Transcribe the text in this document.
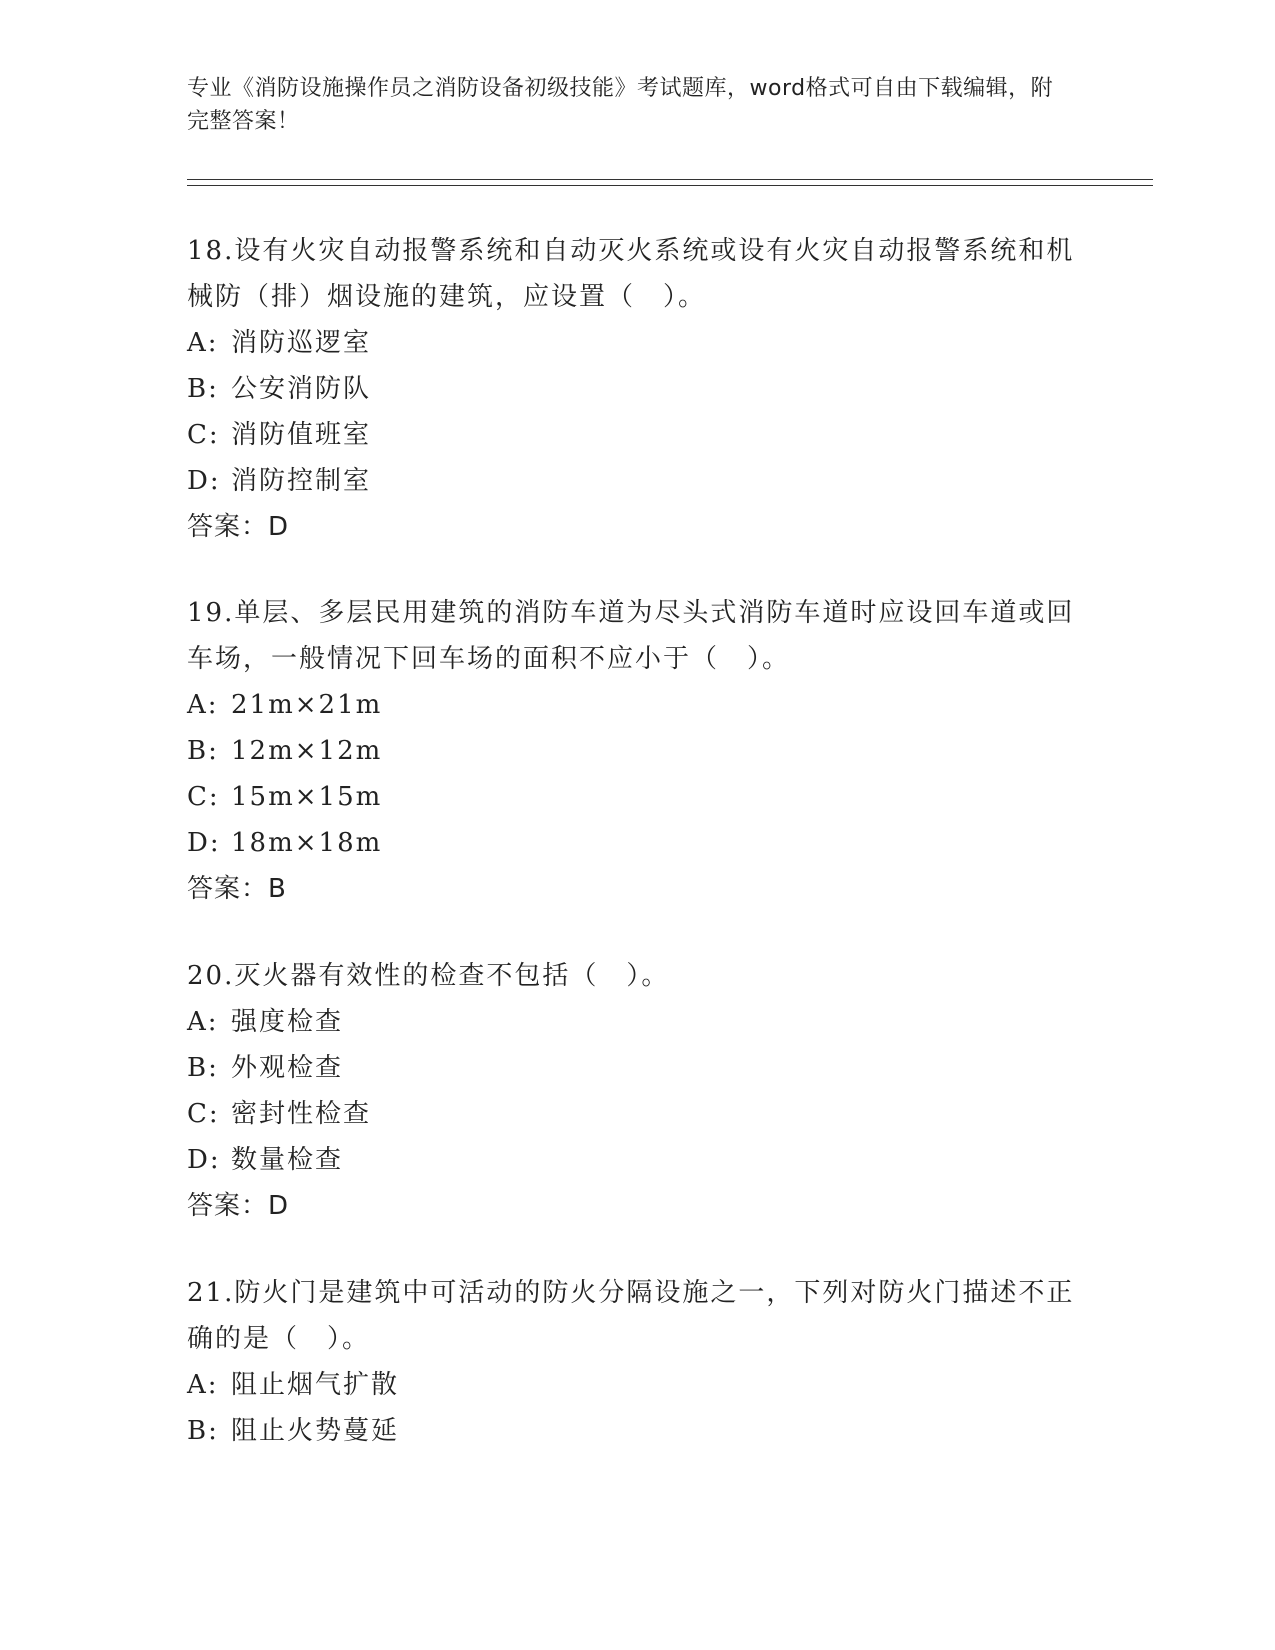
专业《消防设施操作员之消防设备初级技能》考试题库，word格式可自由下载编辑，附完整答案！

18.设有火灾自动报警系统和自动灭火系统或设有火灾自动报警系统和机械防（排）烟设施的建筑，应设置（　）。

A: 消防巡逻室

B: 公安消防队

C: 消防值班室

D: 消防控制室

答案：D

19.单层、多层民用建筑的消防车道为尽头式消防车道时应设回车道或回车场，一般情况下回车场的面积不应小于（　）。

A: 21m×21m

B: 12m×12m

C: 15m×15m

D: 18m×18m

答案：B

20.灭火器有效性的检查不包括（　）。

A: 强度检查

B: 外观检查

C: 密封性检查

D: 数量检查

答案：D

21.防火门是建筑中可活动的防火分隔设施之一，下列对防火门描述不正确的是（　）。

A: 阻止烟气扩散

B: 阻止火势蔓延
